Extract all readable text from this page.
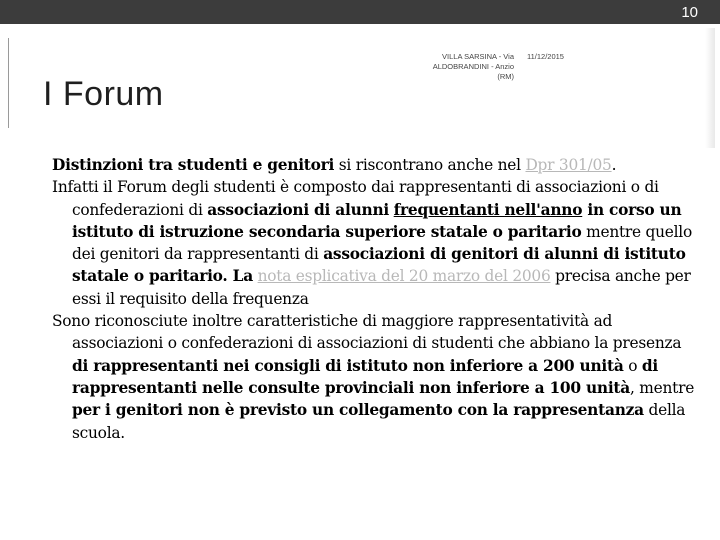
10
VILLA SARSINA - Via ALDOBRANDINI - Anzio (RM)
11/12/2015
I Forum

Distinzioni tra studenti e genitori si riscontrano anche nel Dpr 301/05.

Infatti il Forum degli studenti è composto dai rappresentanti di associazioni o di confederazioni di associazioni di alunni frequentanti nell'anno in corso un istituto di istruzione secondaria superiore statale o paritario mentre quello dei genitori da rappresentanti di associazioni di genitori di alunni di istituto statale o paritario. La nota esplicativa del 20 marzo del 2006 precisa anche per essi il requisito della frequenza

Sono riconosciute inoltre caratteristiche di maggiore rappresentatività ad associazioni o confederazioni di associazioni di studenti che abbiano la presenza di rappresentanti nei consigli di istituto non inferiore a 200 unità o di rappresentanti nelle consulte provinciali non inferiore a 100 unità, mentre per i genitori non è previsto un collegamento con la rappresentanza della scuola.
